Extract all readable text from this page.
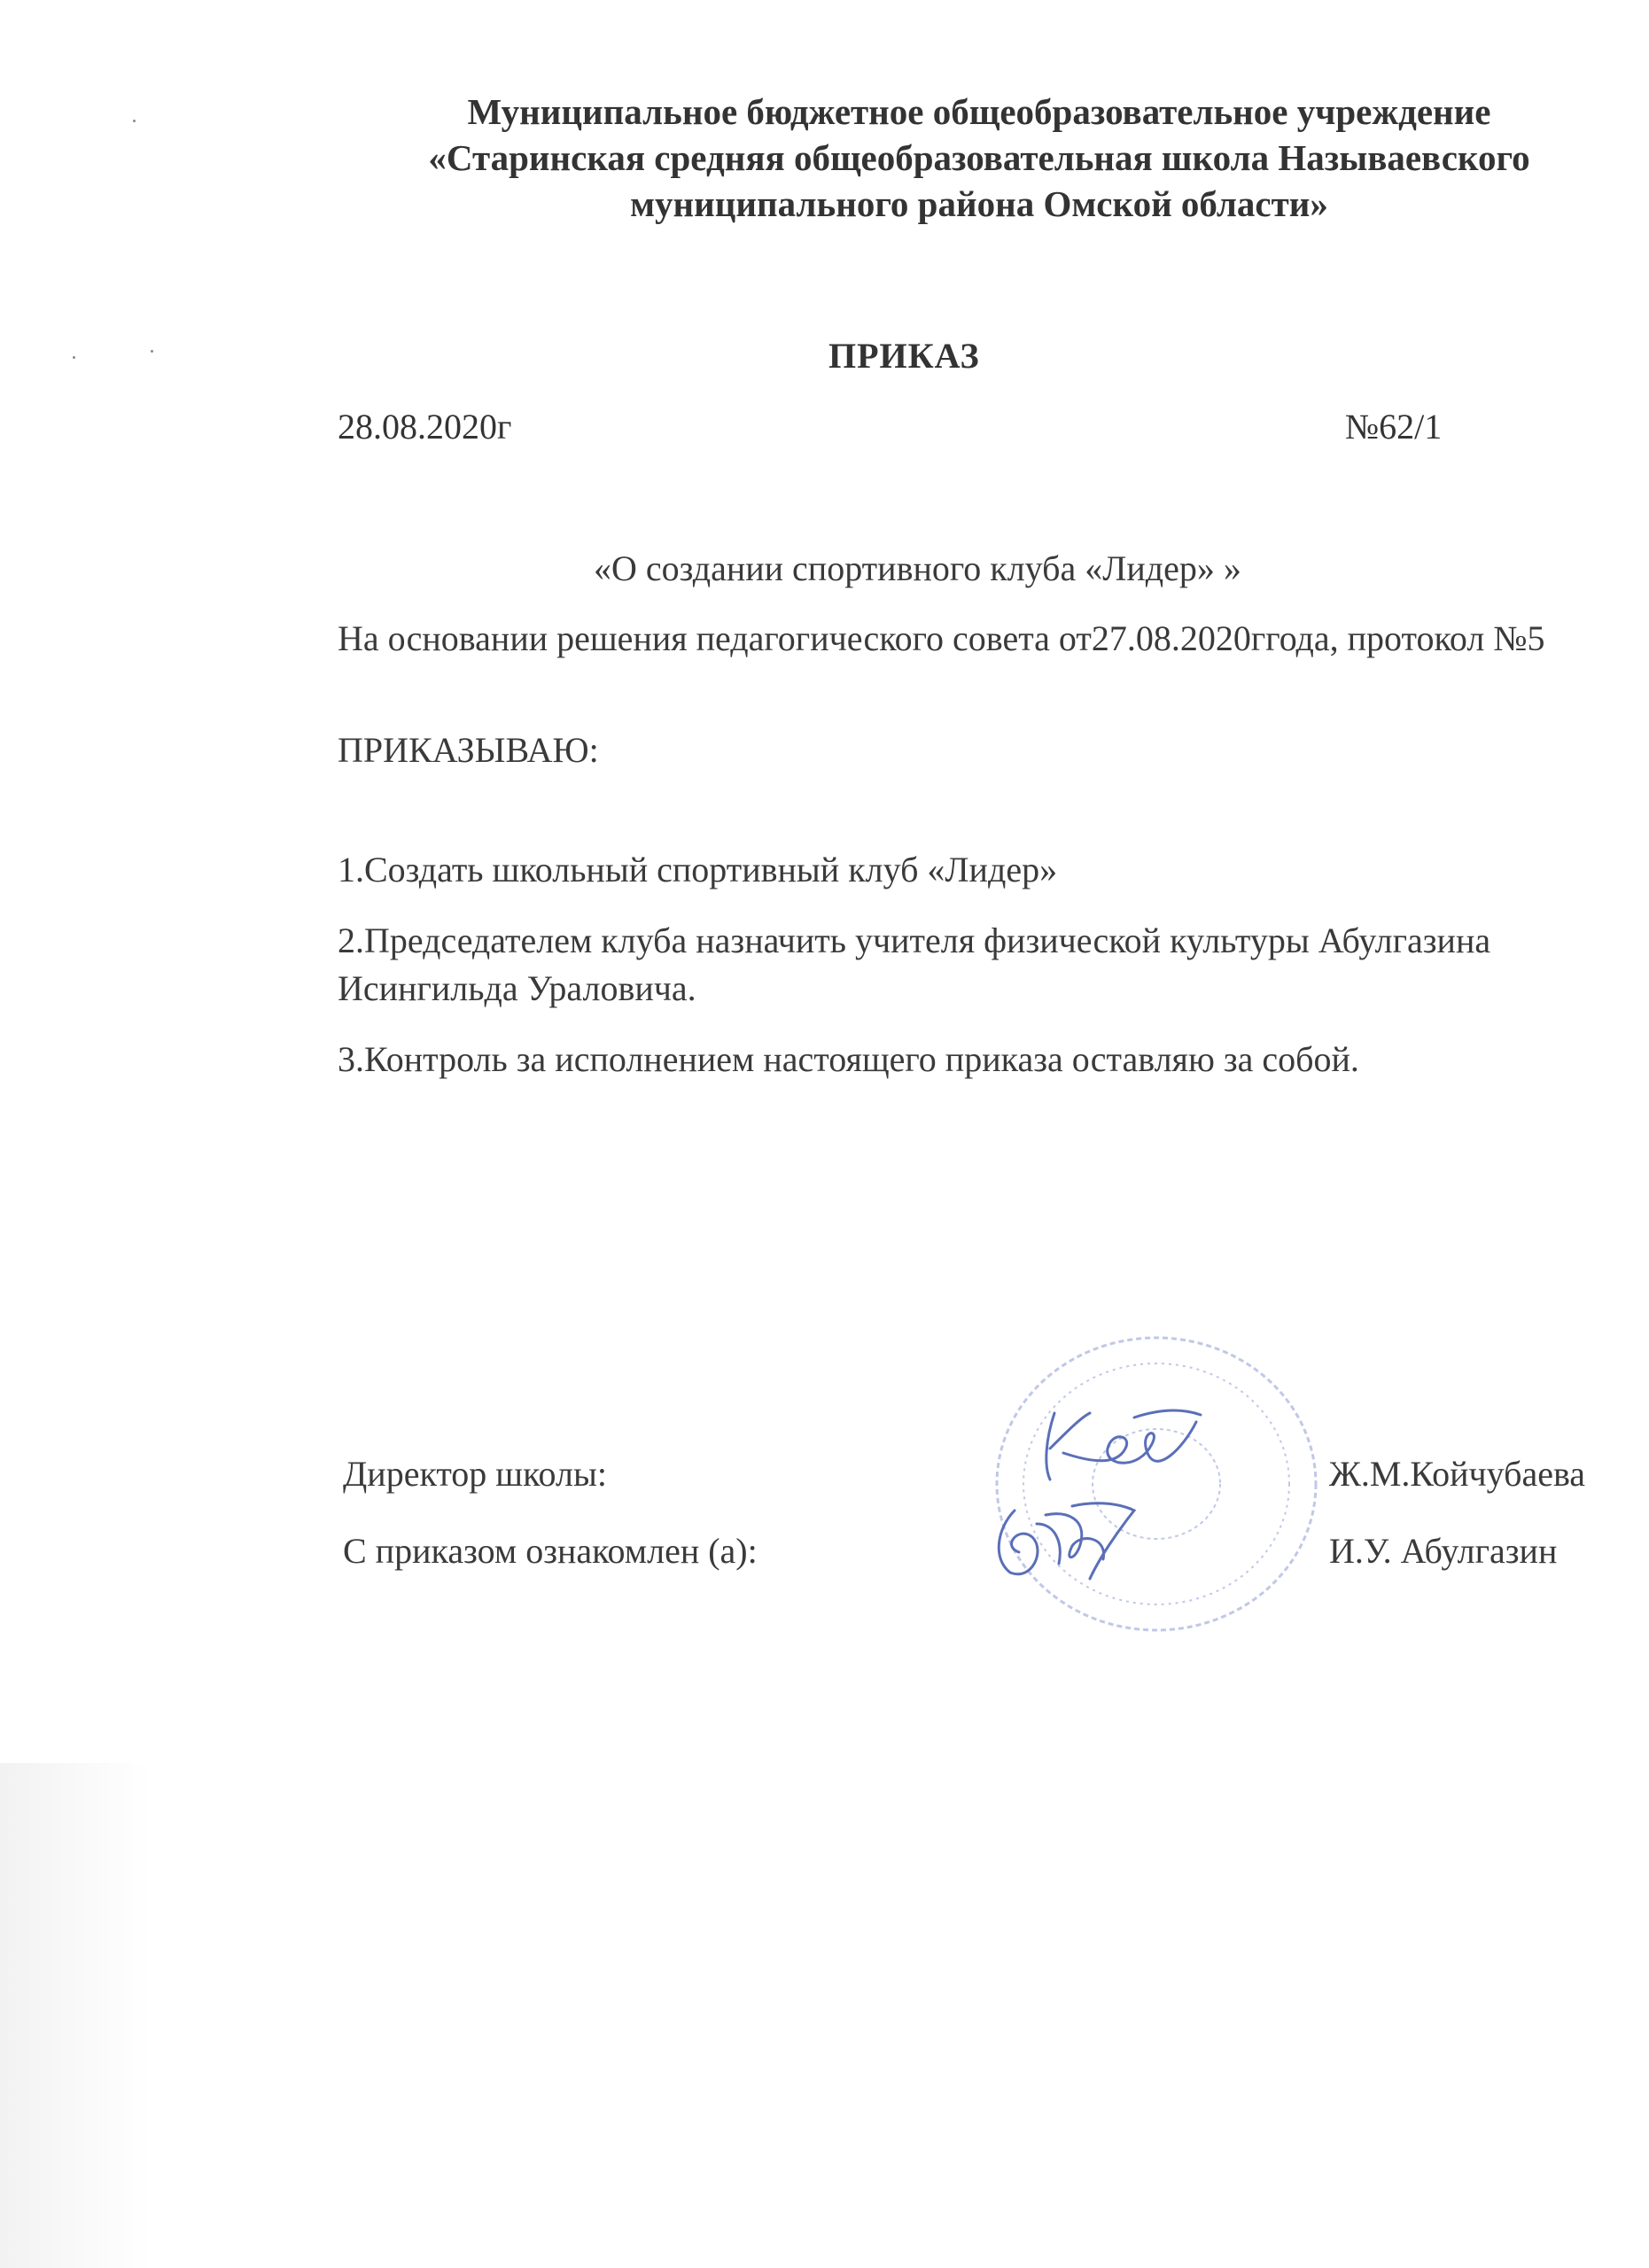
Муниципальное бюджетное общеобразовательное учреждение
«Старинская средняя общеобразовательная школа Называевского
муниципального района Омской области»
ПРИКАЗ
28.08.2020г	№62/1
«О создании спортивного клуба «Лидер» »
На основании решения педагогического совета от27.08.2020ггода, протокол №5
ПРИКАЗЫВАЮ:
1.Создать школьный спортивный клуб «Лидер»
2.Председателем клуба назначить учителя физической культуры Абулгазина Исингильда Ураловича.
3.Контроль за исполнением настоящего приказа оставляю за собой.
Директор школы:	Ж.М.Койчубаева
С приказом ознакомлен (а):	И.У. Абулгазин
